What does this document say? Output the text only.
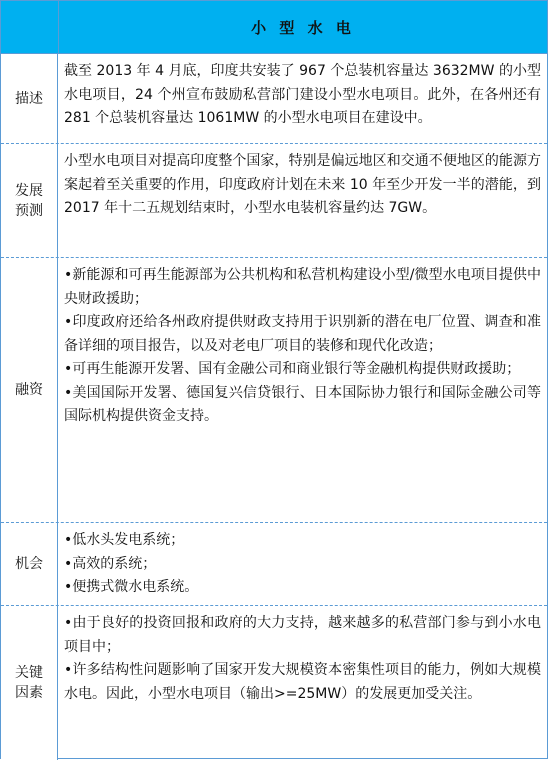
小 型 水 电
描述

截至 2013 年 4 月底，印度共安装了 967 个总装机容量达 3632MW 的小型水电项目，24 个州宣布鼓励私营部门建设小型水电项目。此外，在各州还有 281 个总装机容量达 1061MW 的小型水电项目在建设中。

发展
预测

小型水电项目对提高印度整个国家，特别是偏远地区和交通不便地区的能源方案起着至关重要的作用，印度政府计划在未来 10 年至少开发一半的潜能，到 2017 年十二五规划结束时，小型水电装机容量约达 7GW。

融资

•新能源和可再生能源部为公共机构和私营机构建设小型/微型水电项目提供中央财政援助；

•印度政府还给各州政府提供财政支持用于识别新的潜在电厂位置、调查和准备详细的项目报告，以及对老电厂项目的装修和现代化改造；

•可再生能源开发署、国有金融公司和商业银行等金融机构提供财政援助；

•美国国际开发署、德国复兴信贷银行、日本国际协力银行和国际金融公司等国际机构提供资金支持。

机会

•低水头发电系统；

•高效的系统；

•便携式微水电系统。

关键
因素

•由于良好的投资回报和政府的大力支持，越来越多的私营部门参与到小水电项目中；

•许多结构性问题影响了国家开发大规模资本密集性项目的能力，例如大规模水电。因此，小型水电项目（输出>=25MW）的发展更加受关注。
